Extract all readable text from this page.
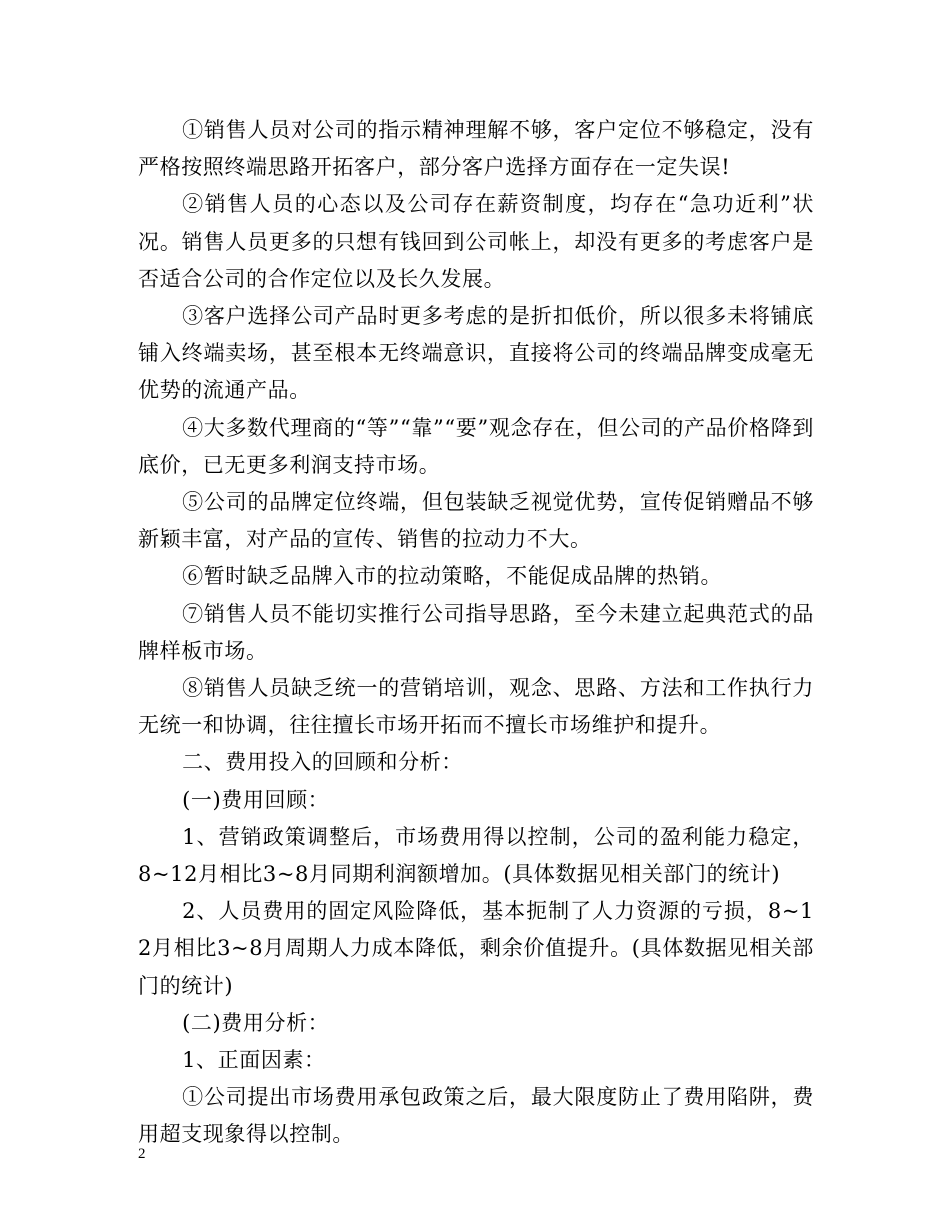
①销售人员对公司的指示精神理解不够，客户定位不够稳定，没有严格按照终端思路开拓客户，部分客户选择方面存在一定失误!

②销售人员的心态以及公司存在薪资制度，均存在“急功近利”状况。销售人员更多的只想有钱回到公司帐上，却没有更多的考虑客户是否适合公司的合作定位以及长久发展。

③客户选择公司产品时更多考虑的是折扣低价，所以很多未将铺底铺入终端卖场，甚至根本无终端意识，直接将公司的终端品牌变成毫无优势的流通产品。

④大多数代理商的“等”“靠”“要”观念存在，但公司的产品价格降到底价，已无更多利润支持市场。

⑤公司的品牌定位终端，但包装缺乏视觉优势，宣传促销赠品不够新颖丰富，对产品的宣传、销售的拉动力不大。

⑥暂时缺乏品牌入市的拉动策略，不能促成品牌的热销。

⑦销售人员不能切实推行公司指导思路，至今未建立起典范式的品牌样板市场。

⑧销售人员缺乏统一的营销培训，观念、思路、方法和工作执行力无统一和协调，往往擅长市场开拓而不擅长市场维护和提升。

二、费用投入的回顾和分析：

(一)费用回顾：

1、营销政策调整后，市场费用得以控制，公司的盈利能力稳定，8~12月相比3~8月同期利润额增加。(具体数据见相关部门的统计)

2、人员费用的固定风险降低，基本扼制了人力资源的亏损，8~12月相比3~8月周期人力成本降低，剩余价值提升。(具体数据见相关部门的统计)

(二)费用分析：

1、正面因素：

①公司提出市场费用承包政策之后，最大限度防止了费用陷阱，费用超支现象得以控制。

2
